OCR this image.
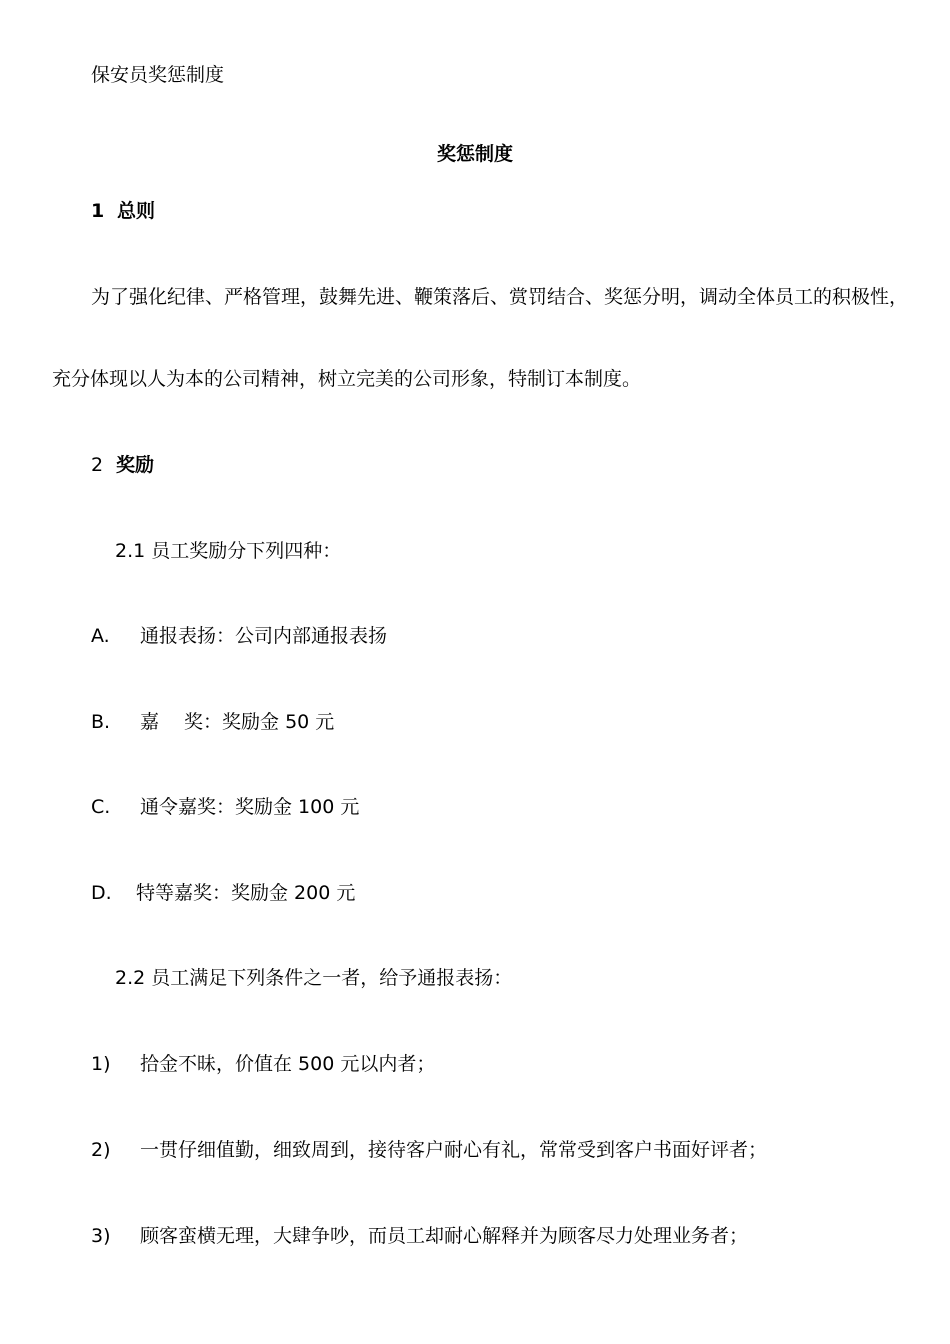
保安员奖惩制度
奖惩制度
1 总则
为了强化纪律、严格管理，鼓舞先进、鞭策落后、赏罚结合、奖惩分明，调动全体员工的积极性，
充分体现以人为本的公司精神，树立完美的公司形象，特制订本制度。
2 奖励
2.1 员工奖励分下列四种：
A. 通报表扬：公司内部通报表扬
B. 嘉　 奖：奖励金 50 元
C. 通令嘉奖：奖励金 100 元
D. 特等嘉奖：奖励金 200 元
2.2 员工满足下列条件之一者，给予通报表扬：
1) 拾金不昧，价值在 500 元以内者；
2) 一贯仔细值勤，细致周到，接待客户耐心有礼，常常受到客户书面好评者；
3) 顾客蛮横无理，大肆争吵，而员工却耐心解释并为顾客尽力处理业务者；
